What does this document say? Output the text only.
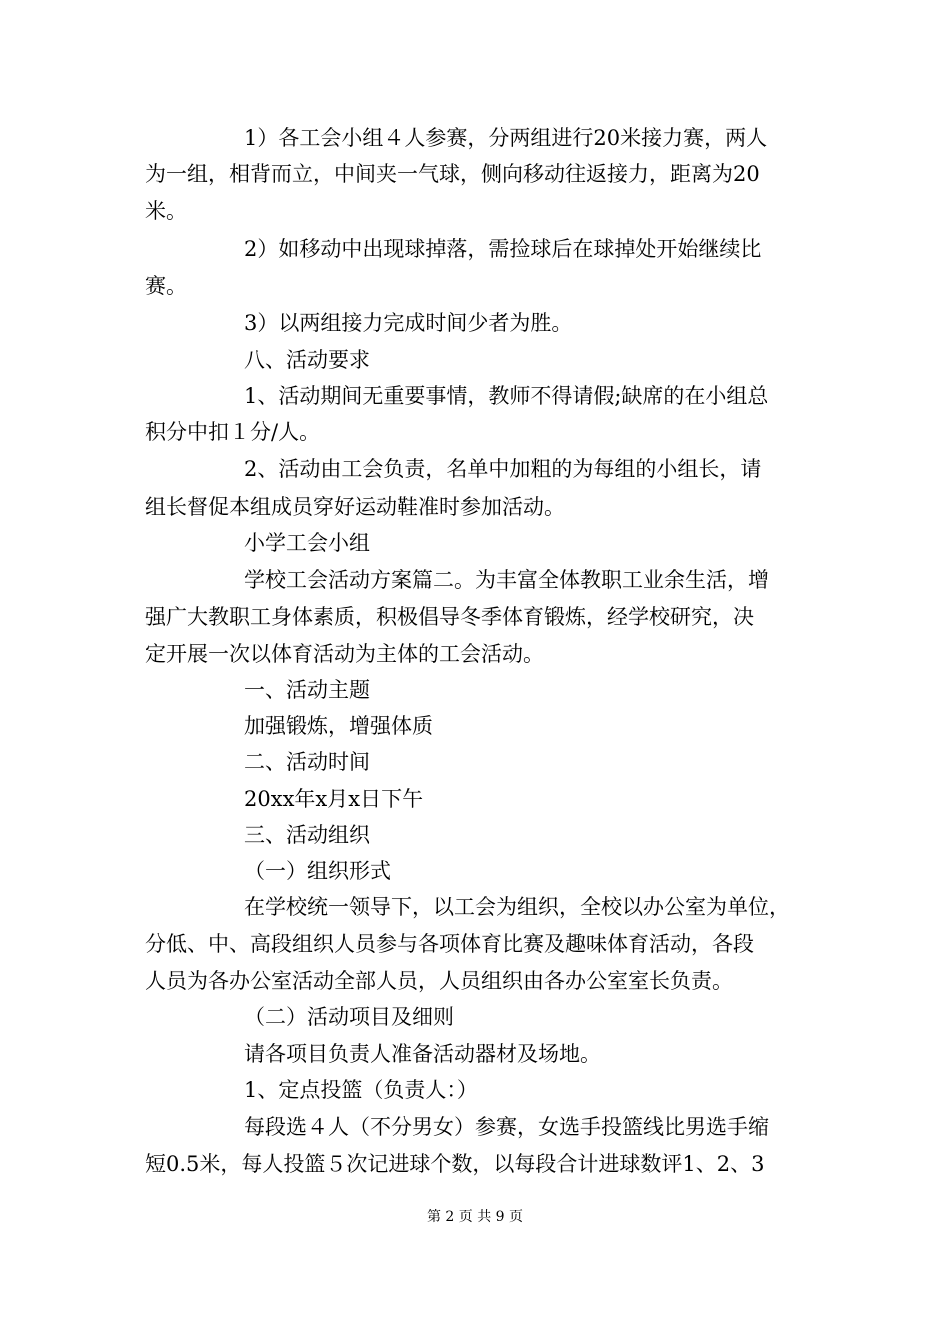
1）各工会小组４人参赛，分两组进行20米接力赛，两人
为一组，相背而立，中间夹一气球，侧向移动往返接力，距离为20
米。
2）如移动中出现球掉落，需捡球后在球掉处开始继续比
赛。
3）以两组接力完成时间少者为胜。
八、活动要求
1、活动期间无重要事情，教师不得请假;缺席的在小组总
积分中扣１分/人。
2、活动由工会负责，名单中加粗的为每组的小组长，请
组长督促本组成员穿好运动鞋准时参加活动。
小学工会小组
学校工会活动方案篇二。为丰富全体教职工业余生活，增
强广大教职工身体素质，积极倡导冬季体育锻炼，经学校研究，决
定开展一次以体育活动为主体的工会活动。
一、活动主题
加强锻炼，增强体质
二、活动时间
20xx年x月x日下午
三、活动组织
（一）组织形式
在学校统一领导下，以工会为组织，全校以办公室为单位，
分低、中、高段组织人员参与各项体育比赛及趣味体育活动，各段
人员为各办公室活动全部人员，人员组织由各办公室室长负责。
（二）活动项目及细则
请各项目负责人准备活动器材及场地。
1、定点投篮（负责人：）
每段选４人（不分男女）参赛，女选手投篮线比男选手缩
短0.5米，每人投篮５次记进球个数，以每段合计进球数评1、2、3
第 2 页 共 9 页
